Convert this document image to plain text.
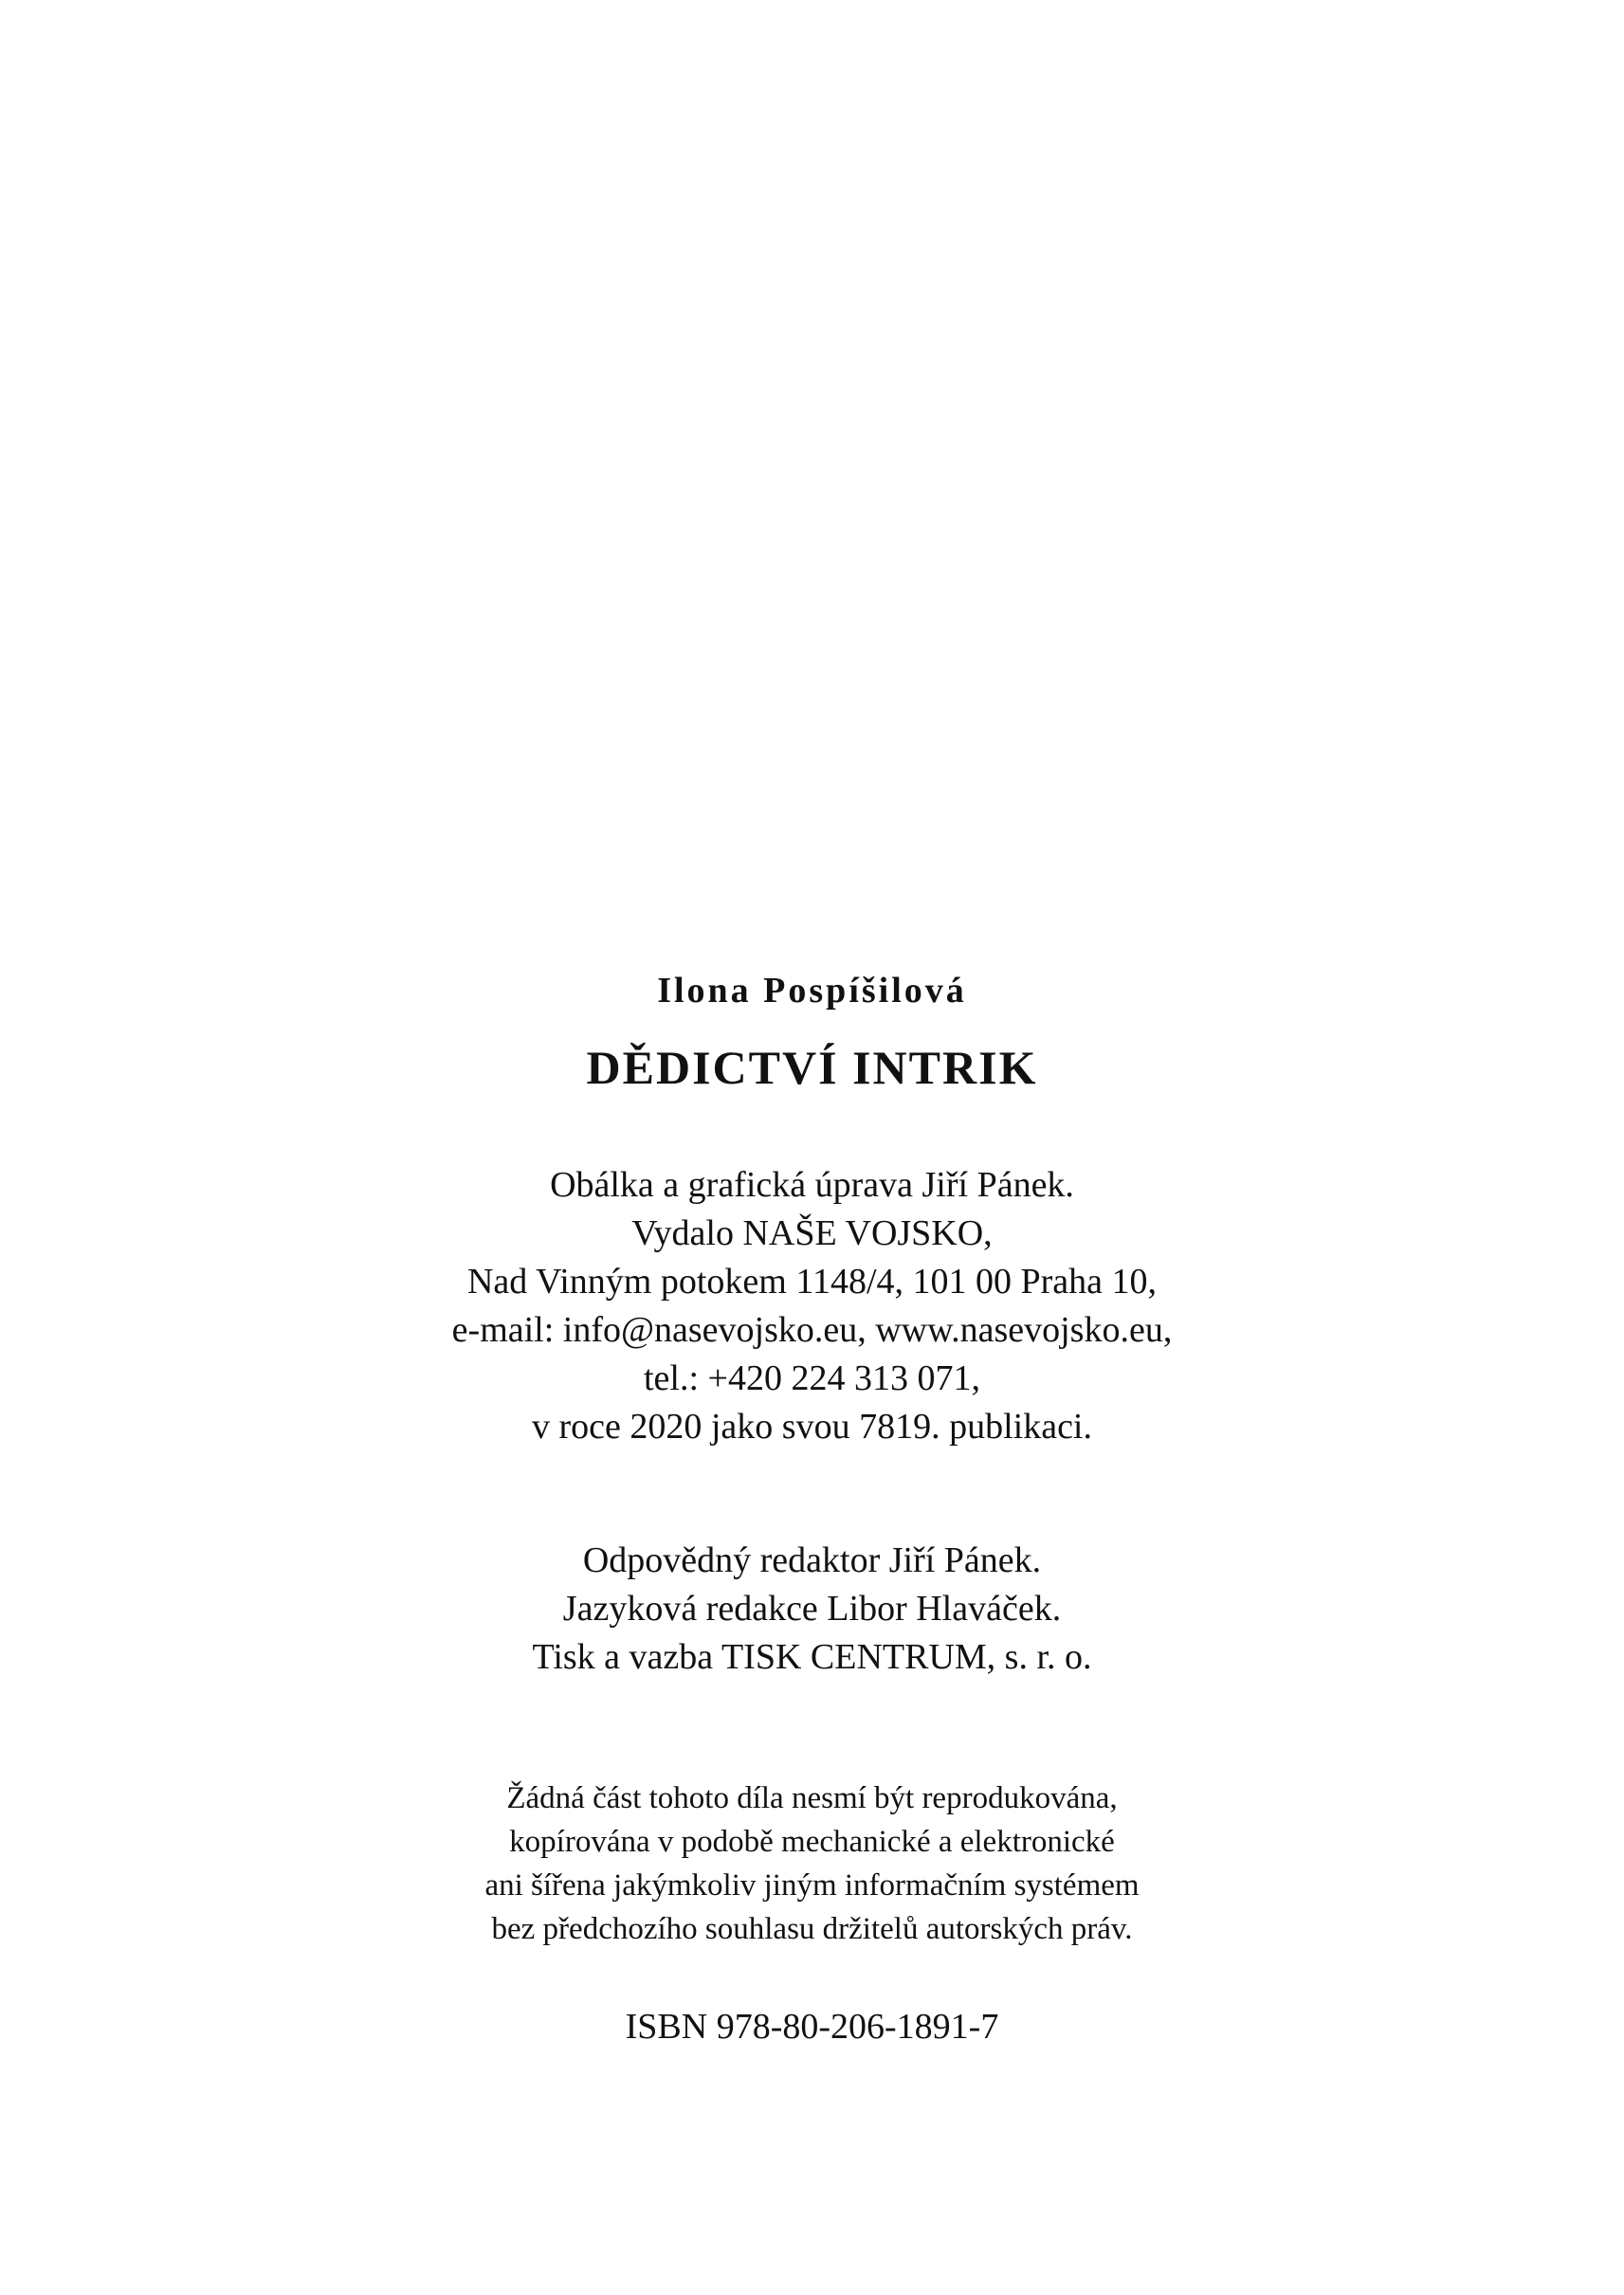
Ilona Pospíšilová
DĚDICTVÍ INTRIK
Obálka a grafická úprava Jiří Pánek.
Vydalo NAŠE VOJSKO,
Nad Vinným potokem 1148/4, 101 00 Praha 10,
e-mail: info@nasevojsko.eu, www.nasevojsko.eu,
tel.: +420 224 313 071,
v roce 2020 jako svou 7819. publikaci.
Odpovědný redaktor Jiří Pánek.
Jazyková redakce Libor Hlaváček.
Tisk a vazba TISK CENTRUM, s. r. o.
Žádná část tohoto díla nesmí být reprodukována,
kopírována v podobě mechanické a elektronické
ani šířena jakýmkoliv jiným informačním systémem
bez předchozího souhlasu držitelů autorských práv.
ISBN 978-80-206-1891-7
